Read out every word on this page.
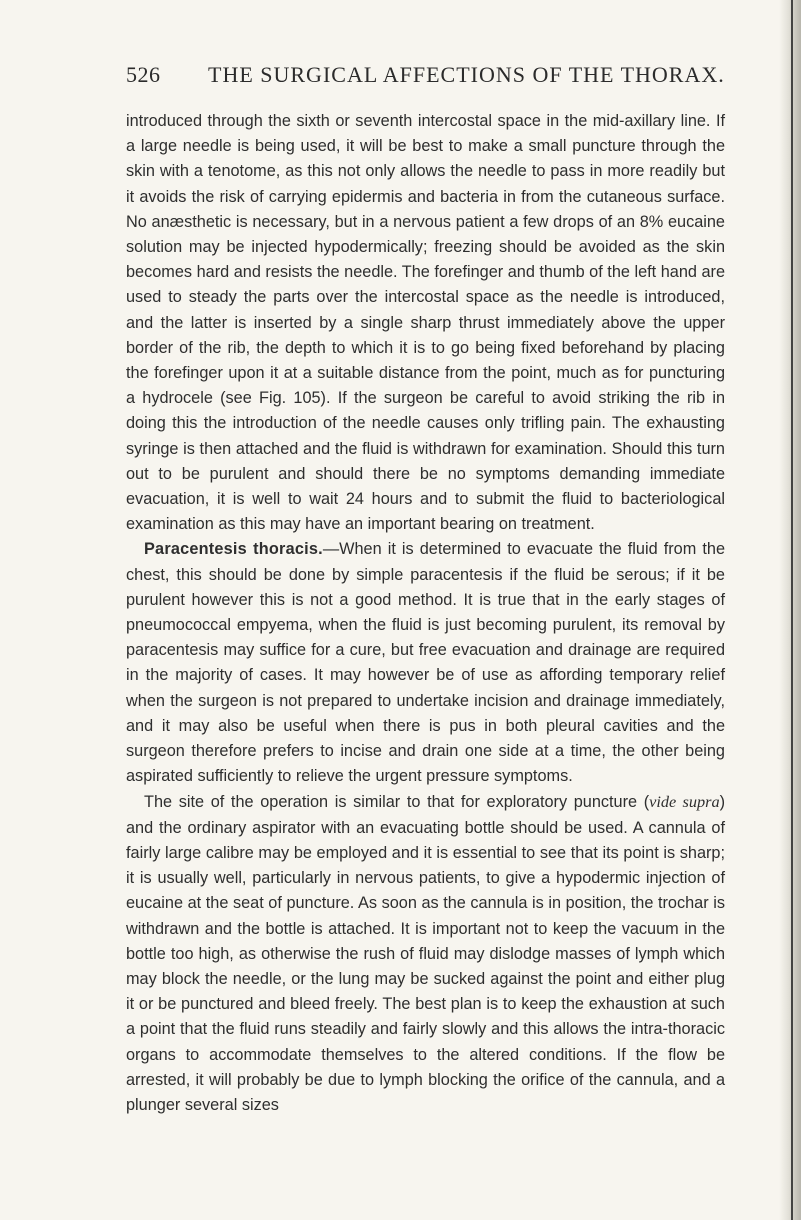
526 THE SURGICAL AFFECTIONS OF THE THORAX.

introduced through the sixth or seventh intercostal space in the mid-axillary line. If a large needle is being used, it will be best to make a small puncture through the skin with a tenotome, as this not only allows the needle to pass in more readily but it avoids the risk of carrying epidermis and bacteria in from the cutaneous surface. No anæsthetic is necessary, but in a nervous patient a few drops of an 8% eucaine solution may be injected hypodermically; freezing should be avoided as the skin becomes hard and resists the needle. The forefinger and thumb of the left hand are used to steady the parts over the intercostal space as the needle is introduced, and the latter is inserted by a single sharp thrust immediately above the upper border of the rib, the depth to which it is to go being fixed beforehand by placing the forefinger upon it at a suitable distance from the point, much as for puncturing a hydrocele (see Fig. 105). If the surgeon be careful to avoid striking the rib in doing this the introduction of the needle causes only trifling pain. The exhausting syringe is then attached and the fluid is withdrawn for examination. Should this turn out to be purulent and should there be no symptoms demanding immediate evacuation, it is well to wait 24 hours and to submit the fluid to bacteriological examination as this may have an important bearing on treatment.

Paracentesis thoracis.—When it is determined to evacuate the fluid from the chest, this should be done by simple paracentesis if the fluid be serous; if it be purulent however this is not a good method. It is true that in the early stages of pneumococcal empyema, when the fluid is just becoming purulent, its removal by paracentesis may suffice for a cure, but free evacuation and drainage are required in the majority of cases. It may however be of use as affording temporary relief when the surgeon is not prepared to undertake incision and drainage immediately, and it may also be useful when there is pus in both pleural cavities and the surgeon therefore prefers to incise and drain one side at a time, the other being aspirated sufficiently to relieve the urgent pressure symptoms.

The site of the operation is similar to that for exploratory puncture (vide supra) and the ordinary aspirator with an evacuating bottle should be used. A cannula of fairly large calibre may be employed and it is essential to see that its point is sharp; it is usually well, particularly in nervous patients, to give a hypodermic injection of eucaine at the seat of puncture. As soon as the cannula is in position, the trochar is withdrawn and the bottle is attached. It is important not to keep the vacuum in the bottle too high, as otherwise the rush of fluid may dislodge masses of lymph which may block the needle, or the lung may be sucked against the point and either plug it or be punctured and bleed freely. The best plan is to keep the exhaustion at such a point that the fluid runs steadily and fairly slowly and this allows the intra-thoracic organs to accommodate themselves to the altered conditions. If the flow be arrested, it will probably be due to lymph blocking the orifice of the cannula, and a plunger several sizes
